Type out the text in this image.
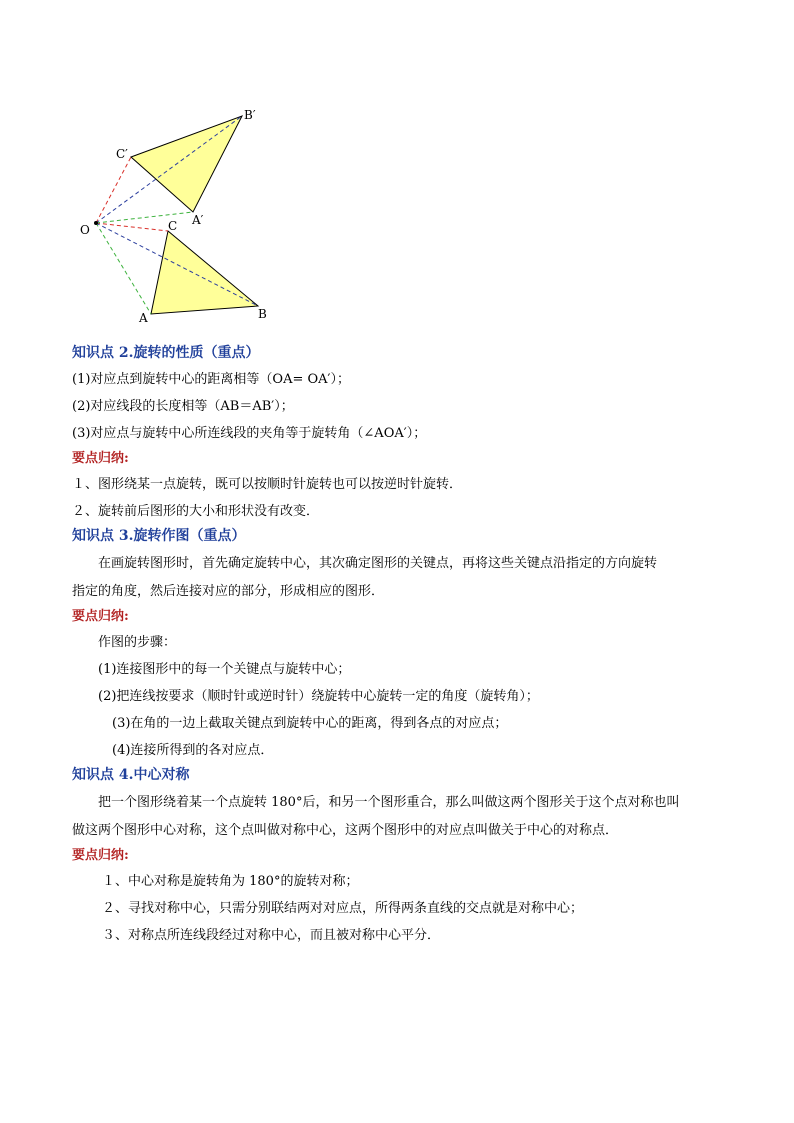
O
A	B
C A′
B′
C′

知识点 2.旋转的性质（重点）

(1)对应点到旋转中心的距离相等（OA= OA′）；

(2)对应线段的长度相等（AB＝AB′）；

(3)对应点与旋转中心所连线段的夹角等于旋转角（∠AOA′）；

要点归纳:

１、图形绕某一点旋转，既可以按顺时针旋转也可以按逆时针旋转．

２、旋转前后图形的大小和形状没有改变．

知识点 3.旋转作图（重点）

在画旋转图形时，首先确定旋转中心，其次确定图形的关键点，再将这些关键点沿指定的方向旋转

指定的角度，然后连接对应的部分，形成相应的图形．

要点归纳:

作图的步骤：

(1)连接图形中的每一个关键点与旋转中心；

(2)把连线按要求（顺时针或逆时针）绕旋转中心旋转一定的角度（旋转角）；

(3)在角的一边上截取关键点到旋转中心的距离，得到各点的对应点；

(4)连接所得到的各对应点．

知识点 4.中心对称

把一个图形绕着某一个点旋转 180°后，和另一个图形重合，那么叫做这两个图形关于这个点对称也叫

做这两个图形中心对称，这个点叫做对称中心，这两个图形中的对应点叫做关于中心的对称点．

要点归纳:

１、中心对称是旋转角为 180°的旋转对称；

２、寻找对称中心，只需分别联结两对对应点，所得两条直线的交点就是对称中心；

３、对称点所连线段经过对称中心，而且被对称中心平分．
